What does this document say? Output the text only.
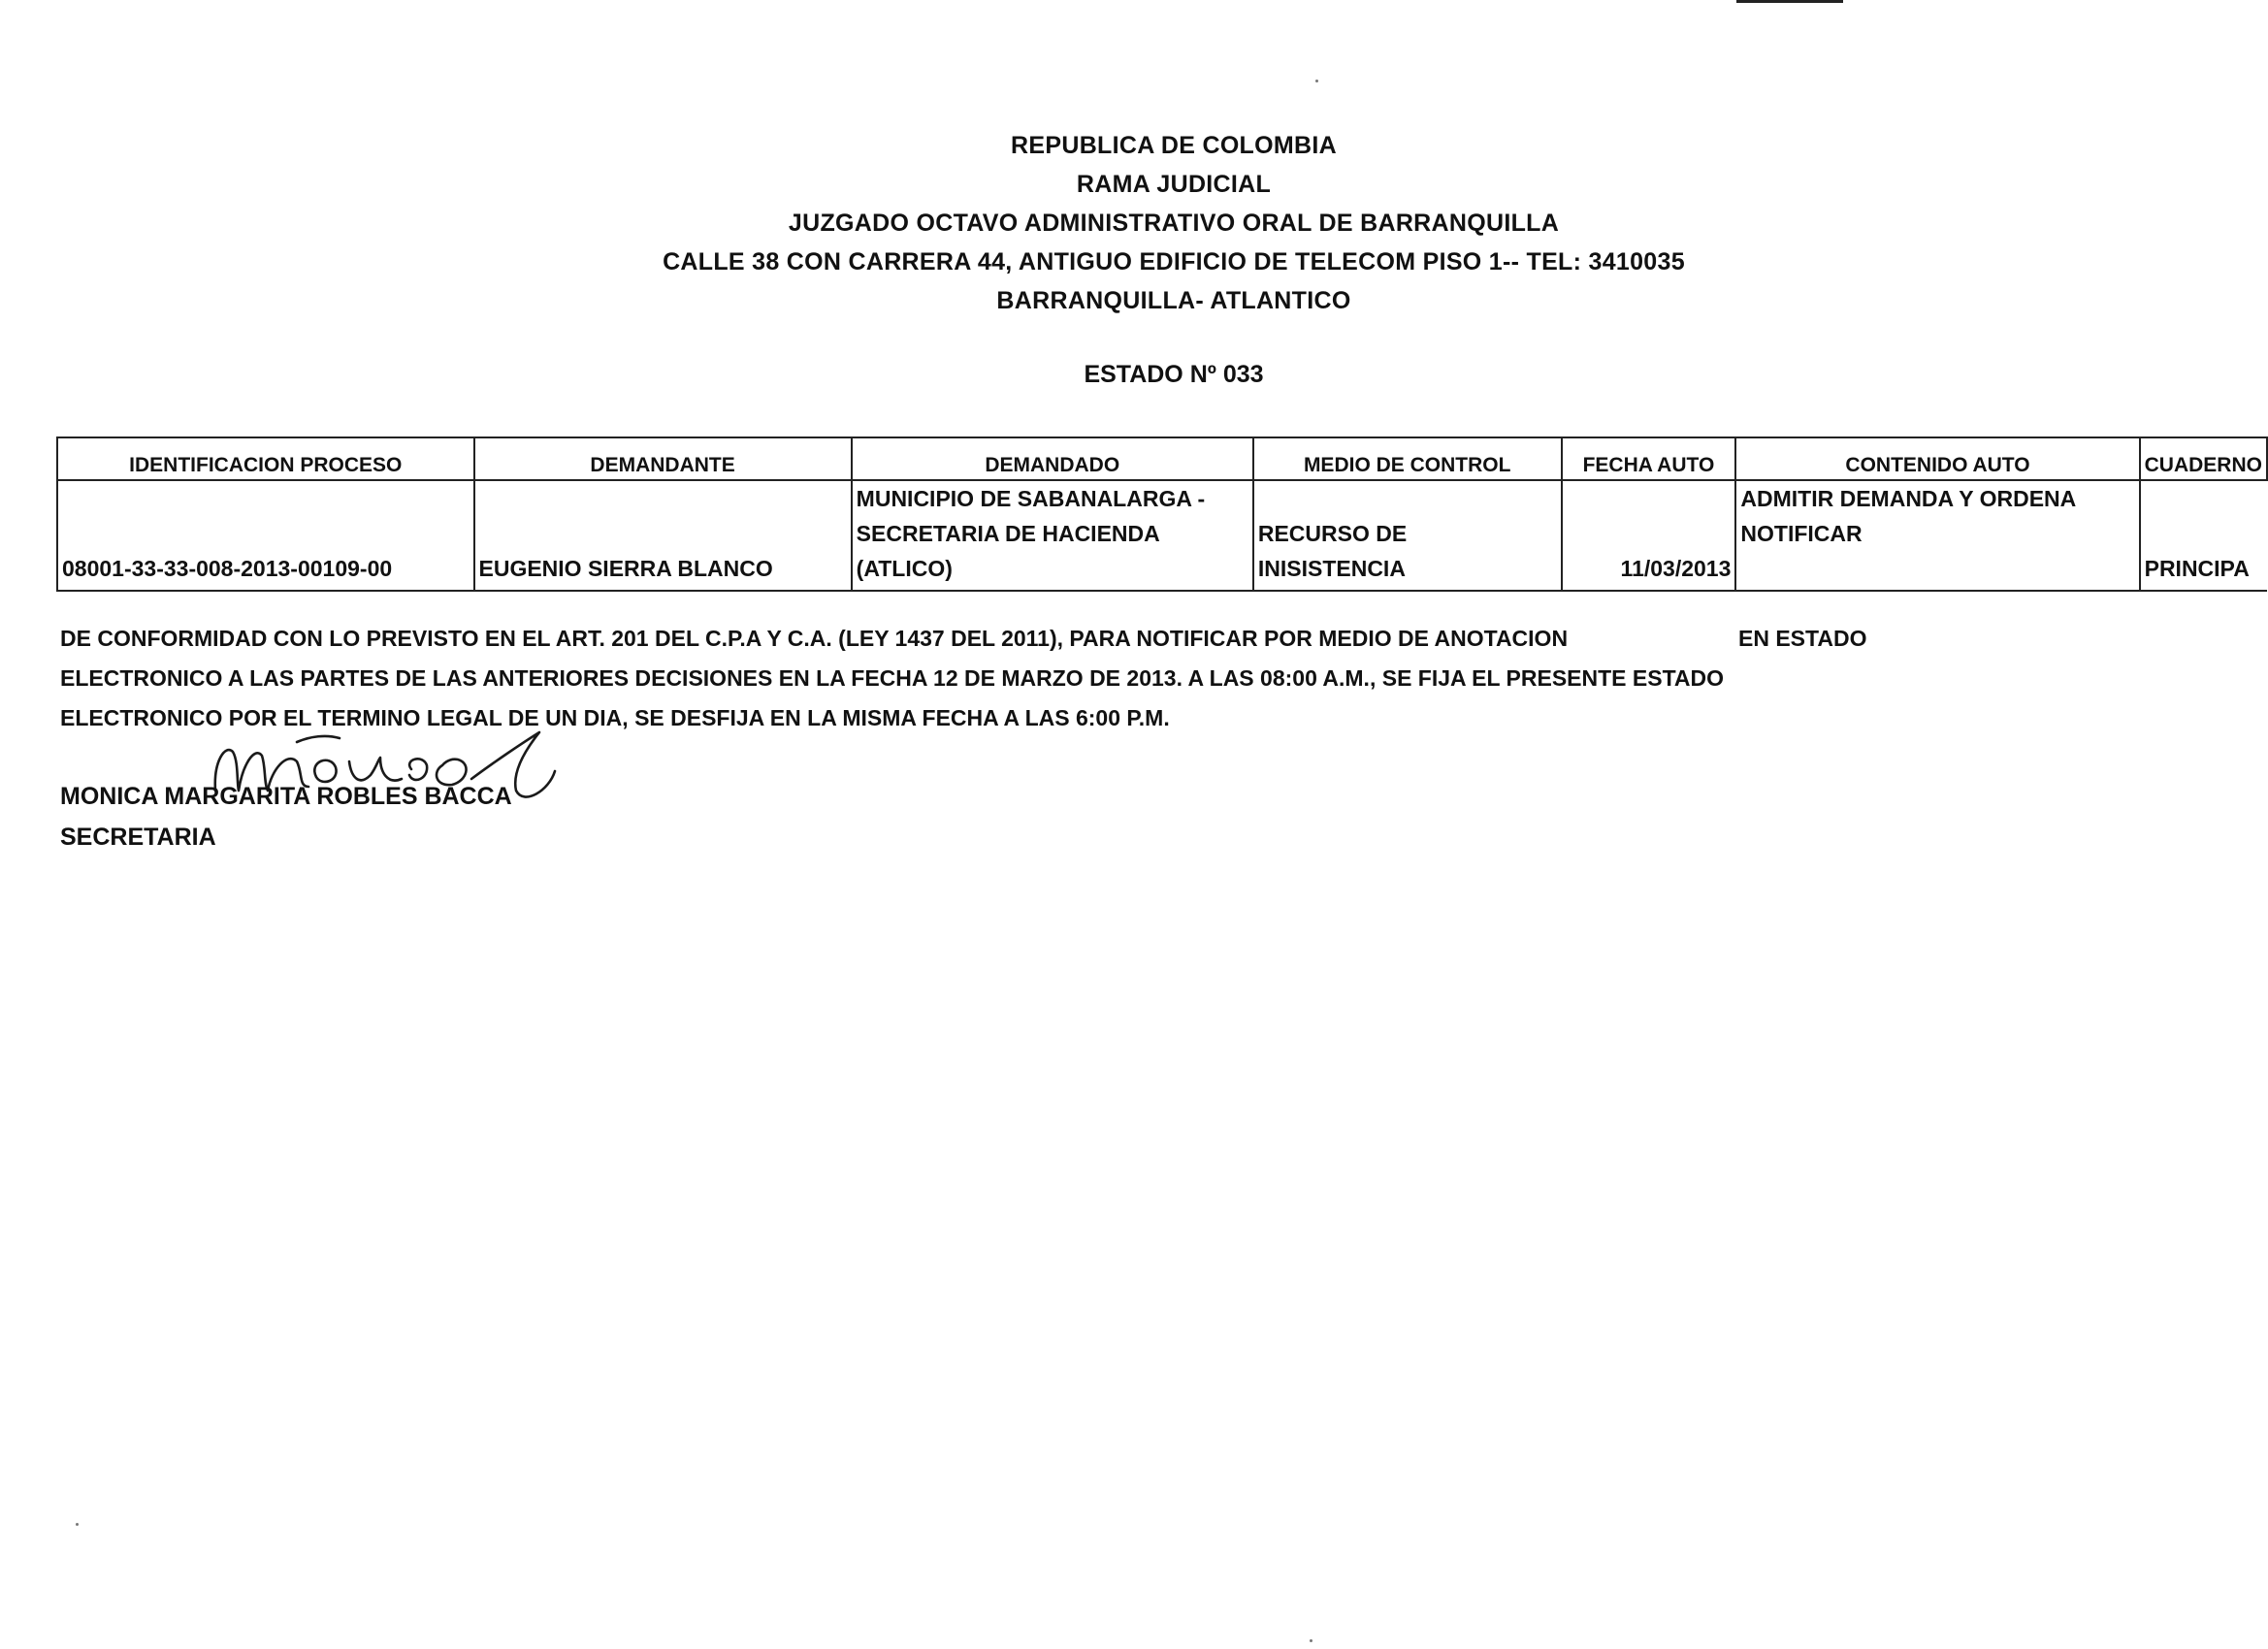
REPUBLICA DE COLOMBIA
RAMA JUDICIAL
JUZGADO OCTAVO ADMINISTRATIVO ORAL DE BARRANQUILLA
CALLE 38 CON CARRERA 44, ANTIGUO EDIFICIO DE TELECOM PISO 1-- TEL: 3410035
BARRANQUILLA- ATLANTICO
ESTADO Nº 033
IDENTIFICACION PROCESO	DEMANDANTE	DEMANDADO	MEDIO DE CONTROL	FECHA AUTO	CONTENIDO AUTO	CUADERNO
08001-33-33-008-2013-00109-00	EUGENIO SIERRA BLANCO	MUNICIPIO DE SABANALARGA - SECRETARIA DE HACIENDA (ATLICO)	RECURSO DE INISISTENCIA	11/03/2013	ADMITIR DEMANDA Y ORDENA NOTIFICAR	PRINCIPA
DE CONFORMIDAD CON LO PREVISTO EN EL ART. 201 DEL C.P.A Y C.A. (LEY 1437 DEL 2011), PARA NOTIFICAR POR MEDIO DE ANOTACION ELECTRONICO A LAS PARTES DE LAS ANTERIORES DECISIONES EN LA FECHA 12 DE MARZO DE 2013. A LAS 08:00 A.M., SE FIJA EL PRESENTE ESTADO ELECTRONICO POR EL TERMINO LEGAL DE UN DIA, SE DESFIJA EN LA MISMA FECHA A LAS 6:00 P.M.
EN ESTADO
MONICA MARGARITA ROBLES BACCA
SECRETARIA
